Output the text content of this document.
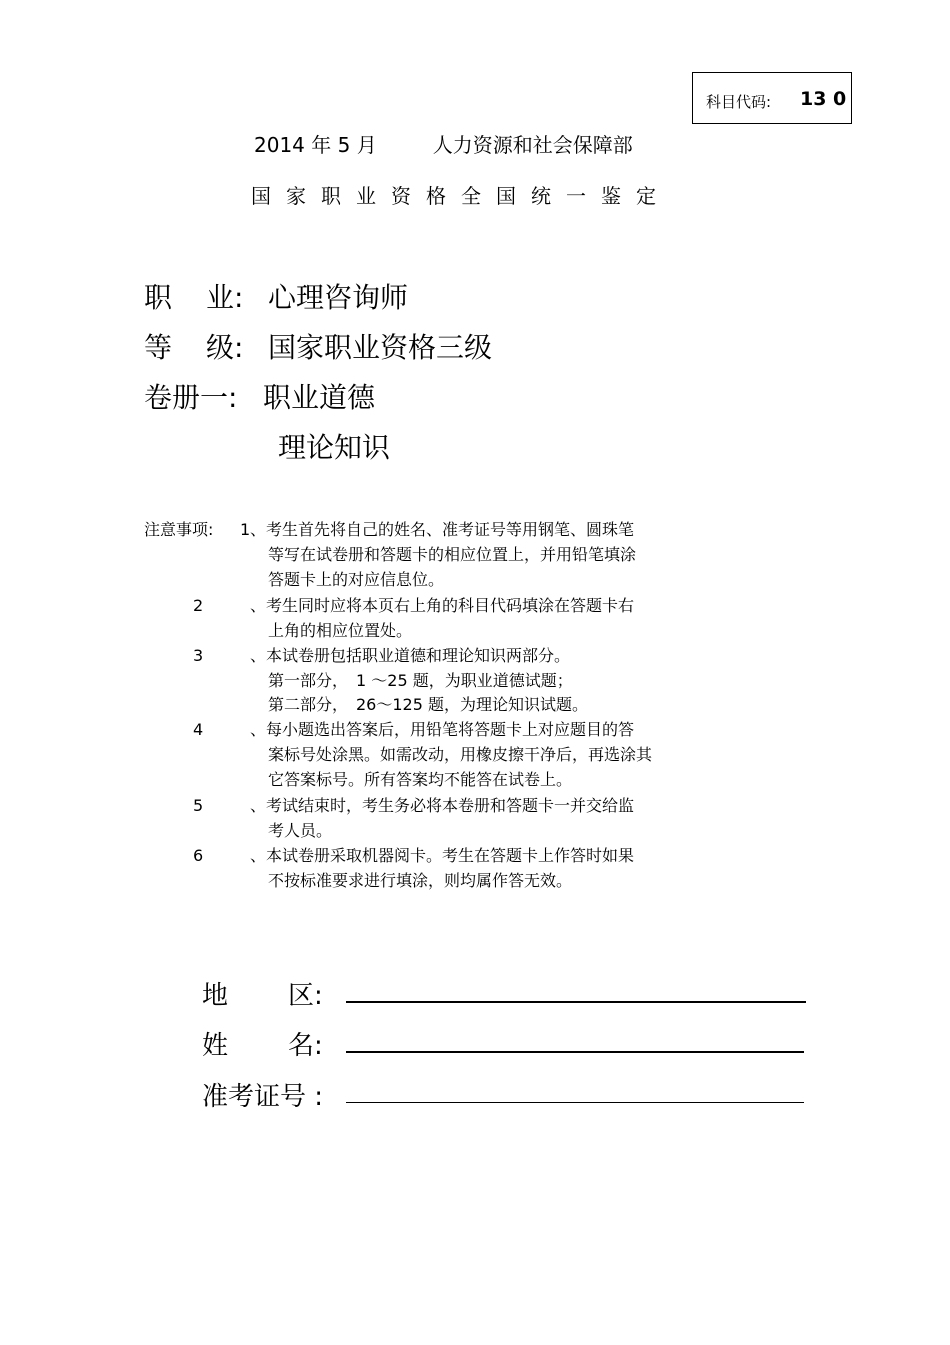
科目代码: 13 0
2014 年 5 月	人力资源和社会保障部
国家职业资格全国统一鉴定
职 业: 心理咨询师
等 级: 国家职业资格三级
卷册一: 职业道德
理论知识
注意事项: 1 、考生首先将自己的姓名、准考证号等用钢笔、圆珠笔
等写在试卷册和答题卡的相应位置上，并用铅笔填涂
答题卡上的对应信息位。
2	、考生同时应将本页右上角的科目代码填涂在答题卡右
上角的相应位置处。
3	、本试卷册包括职业道德和理论知识两部分。
第一部分，　1 ～25 题，为职业道德试题；
第二部分，　26～125 题，为理论知识试题。
4	、每小题选出答案后，用铅笔将答题卡上对应题目的答
案标号处涂黑。如需改动，用橡皮擦干净后，再选涂其
它答案标号。所有答案均不能答在试卷上。
5	、考试结束时，考生务必将本卷册和答题卡一并交给监
考人员。
6	、本试卷册采取机器阅卡。考生在答题卡上作答时如果
不按标准要求进行填涂，则均属作答无效。
地 区:
姓 名:
准考证号 :
